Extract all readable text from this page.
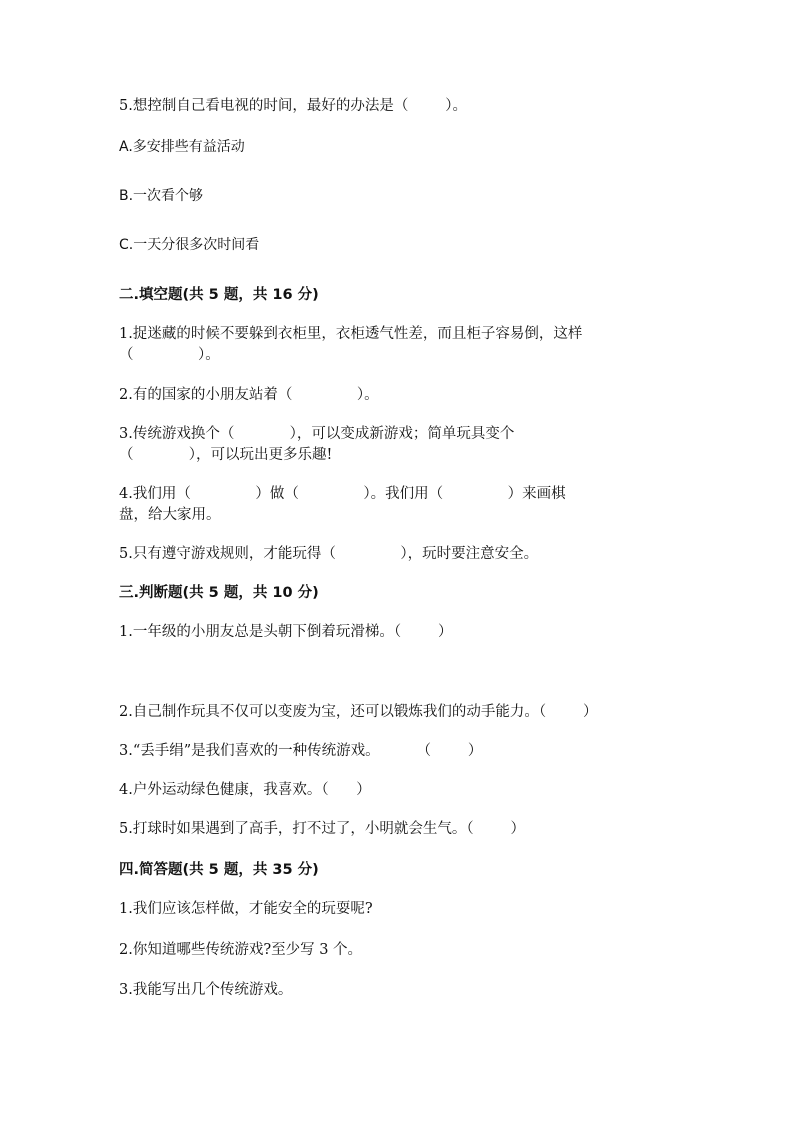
5.想控制自己看电视的时间，最好的办法是（        ）。
A.多安排些有益活动
B.一次看个够
C.一天分很多次时间看
二.填空题(共 5 题，共 16 分)
1.捉迷藏的时候不要躲到衣柜里，衣柜透气性差，而且柜子容易倒，这样
（              ）。
2.有的国家的小朋友站着（              ）。
3.传统游戏换个（            ），可以变成新游戏；简单玩具变个
（            ），可以玩出更多乐趣!
4.我们用（              ）做（              ）。我们用（              ）来画棋
盘，给大家用。
5.只有遵守游戏规则，才能玩得（              ），玩时要注意安全。
三.判断题(共 5 题，共 10 分)
1.一年级的小朋友总是头朝下倒着玩滑梯。（        ）
2.自己制作玩具不仅可以变废为宝，还可以锻炼我们的动手能力。（        ）
3.“丢手绢”是我们喜欢的一种传统游戏。        （        ）
4.户外运动绿色健康，我喜欢。（      ）
5.打球时如果遇到了高手，打不过了，小明就会生气。（        ）
四.简答题(共 5 题，共 35 分)
1.我们应该怎样做，才能安全的玩耍呢?
2.你知道哪些传统游戏?至少写 3 个。
3.我能写出几个传统游戏。
